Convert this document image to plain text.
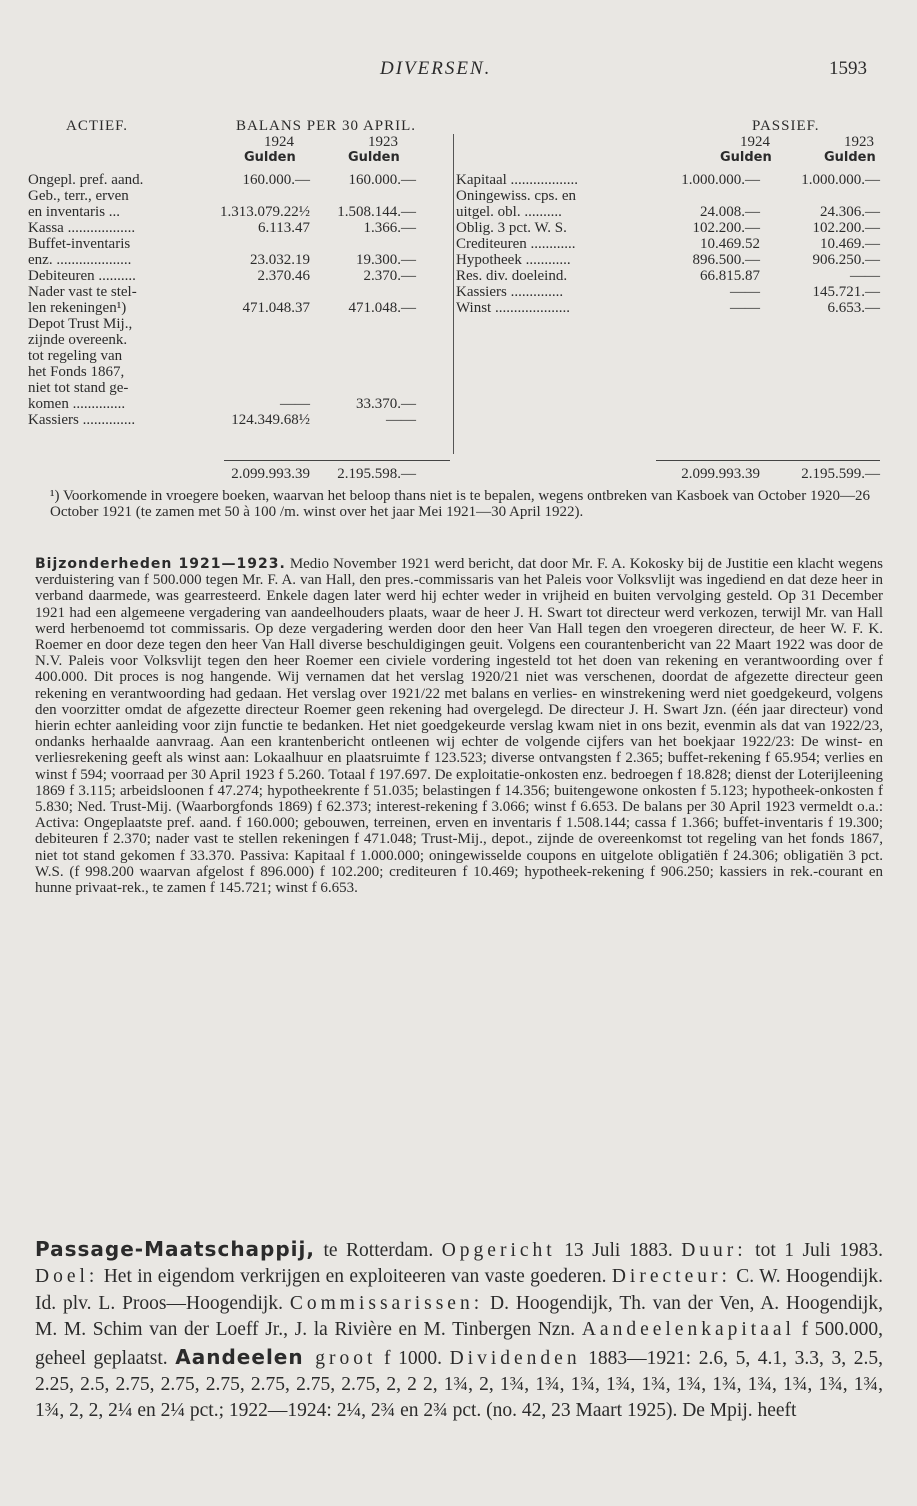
DIVERSEN.	1593
ACTIEF.	BALANS PER 30 APRIL.	PASSIEF.
1924	1923	1924	1923
Gulden	Gulden	Gulden	Gulden
Ongepl. pref. aand.	160.000.—	160.000.—
Geb., terr., erven
en inventaris ...	1.313.079.22½ 1.508.144.—
Kassa ..................	6.113.47	1.366.—
Buffet-inventaris
enz. ....................	23.032.19	19.300.—
Debiteuren ..........	2.370.46	2.370.—
Nader vast te stel-
len rekeningen¹)	471.048.37	471.048.—
Depot Trust Mij.,
zijnde overeenk.
tot regeling van
het Fonds 1867,
niet tot stand ge-
komen ..............	——	33.370.—
Kassiers ..............	124.349.68½	——
Kapitaal ..................	1.000.000.—	1.000.000.—
Oningewiss. cps. en
uitgel. obl. ..........	24.008.—	24.306.—
Oblig. 3 pct. W. S.	102.200.—	102.200.—
Crediteuren ............	10.469.52	10.469.—
Hypotheek ............	896.500.—	906.250.—
Res. div. doeleind.	66.815.87	——
Kassiers ..............	——	145.721.—
Winst ....................	——	6.653.—
2.099.993.39 2.195.598.—	2.099.993.39	2.195.599.—
¹) Voorkomende in vroegere boeken, waarvan het beloop thans niet is te bepalen, wegens ontbreken van Kasboek van October 1920—26 October 1921 (te zamen met 50 à 100 /m. winst over het jaar Mei 1921—30 April 1922).
Bijzonderheden 1921—1923. Medio November 1921 werd bericht, dat door Mr. F. A. Kokosky bij de Justitie een klacht wegens verduistering van f 500.000 tegen Mr. F. A. van Hall, den pres.-commissaris van het Paleis voor Volksvlijt was ingediend en dat deze heer in verband daarmede, was gearresteerd. Enkele dagen later werd hij echter weder in vrijheid en buiten vervolging gesteld. Op 31 December 1921 had een algemeene vergadering van aandeelhouders plaats, waar de heer J. H. Swart tot directeur werd verkozen, terwijl Mr. van Hall werd herbenoemd tot commissaris. Op deze vergadering werden door den heer Van Hall tegen den vroegeren directeur, de heer W. F. K. Roemer en door deze tegen den heer Van Hall diverse beschuldigingen geuit. Volgens een courantenbericht van 22 Maart 1922 was door de N.V. Paleis voor Volksvlijt tegen den heer Roemer een civiele vordering ingesteld tot het doen van rekening en verantwoording over f 400.000. Dit proces is nog hangende. Wij vernamen dat het verslag 1920/21 niet was verschenen, doordat de afgezette directeur geen rekening en verantwoording had gedaan. Het verslag over 1921/22 met balans en verlies- en winstrekening werd niet goedgekeurd, volgens den voorzitter omdat de afgezette directeur Roemer geen rekening had overgelegd. De directeur J. H. Swart Jzn. (één jaar directeur) vond hierin echter aanleiding voor zijn functie te bedanken. Het niet goedgekeurde verslag kwam niet in ons bezit, evenmin als dat van 1922/23, ondanks herhaalde aanvraag. Aan een krantenbericht ontleenen wij echter de volgende cijfers van het boekjaar 1922/23: De winst- en verliesrekening geeft als winst aan: Lokaalhuur en plaatsruimte f 123.523; diverse ontvangsten f 2.365; buffet-rekening f 65.954; verlies en winst f 594; voorraad per 30 April 1923 f 5.260. Totaal f 197.697. De exploitatie-onkosten enz. bedroegen f 18.828; dienst der Loterijleening 1869 f 3.115; arbeidsloonen f 47.274; hypotheekrente f 51.035; belastingen f 14.356; buitengewone onkosten f 5.123; hypotheek-onkosten f 5.830; Ned. Trust-Mij. (Waarborgfonds 1869) f 62.373; interest-rekening f 3.066; winst f 6.653. De balans per 30 April 1923 vermeldt o.a.: Activa: Ongeplaatste pref. aand. f 160.000; gebouwen, terreinen, erven en inventaris f 1.508.144; cassa f 1.366; buffet-inventaris f 19.300; debiteuren f 2.370; nader vast te stellen rekeningen f 471.048; Trust-Mij., depot., zijnde de overeenkomst tot regeling van het fonds 1867, niet tot stand gekomen f 33.370. Passiva: Kapitaal f 1.000.000; oningewisselde coupons en uitgelote obligatiën f 24.306; obligatiën 3 pct. W.S. (f 998.200 waarvan afgelost f 896.000) f 102.200; crediteuren f 10.469; hypotheek-rekening f 906.250; kassiers in rek.-courant en hunne privaat-rek., te zamen f 145.721; winst f 6.653.
Passage-Maatschappij, te Rotterdam. Opgericht 13 Juli 1883. Duur: tot 1 Juli 1983. Doel: Het in eigendom verkrijgen en exploiteeren van vaste goederen. Directeur: C. W. Hoogendijk. Id. plv. L. Proos—Hoogendijk. Commissarissen: D. Hoogendijk, Th. van der Ven, A. Hoogendijk, M. M. Schim van der Loeff Jr., J. la Rivière en M. Tinbergen Nzn. Aandeelenkapitaal f 500.000, geheel geplaatst. Aandeelen groot f 1000. Dividenden 1883—1921: 2.6, 5, 4.1, 3.3, 3, 2.5, 2.25, 2.5, 2.75, 2.75, 2.75, 2.75, 2.75, 2.75, 2, 2 2, 1¾, 2, 1¾, 1¾, 1¾, 1¾, 1¾, 1¾, 1¾, 1¾, 1¾, 1¾, 1¾, 1¾, 2, 2, 2¼ en 2¼ pct.; 1922—1924: 2¼, 2¾ en 2¾ pct. (no. 42, 23 Maart 1925). De Mpij. heeft
